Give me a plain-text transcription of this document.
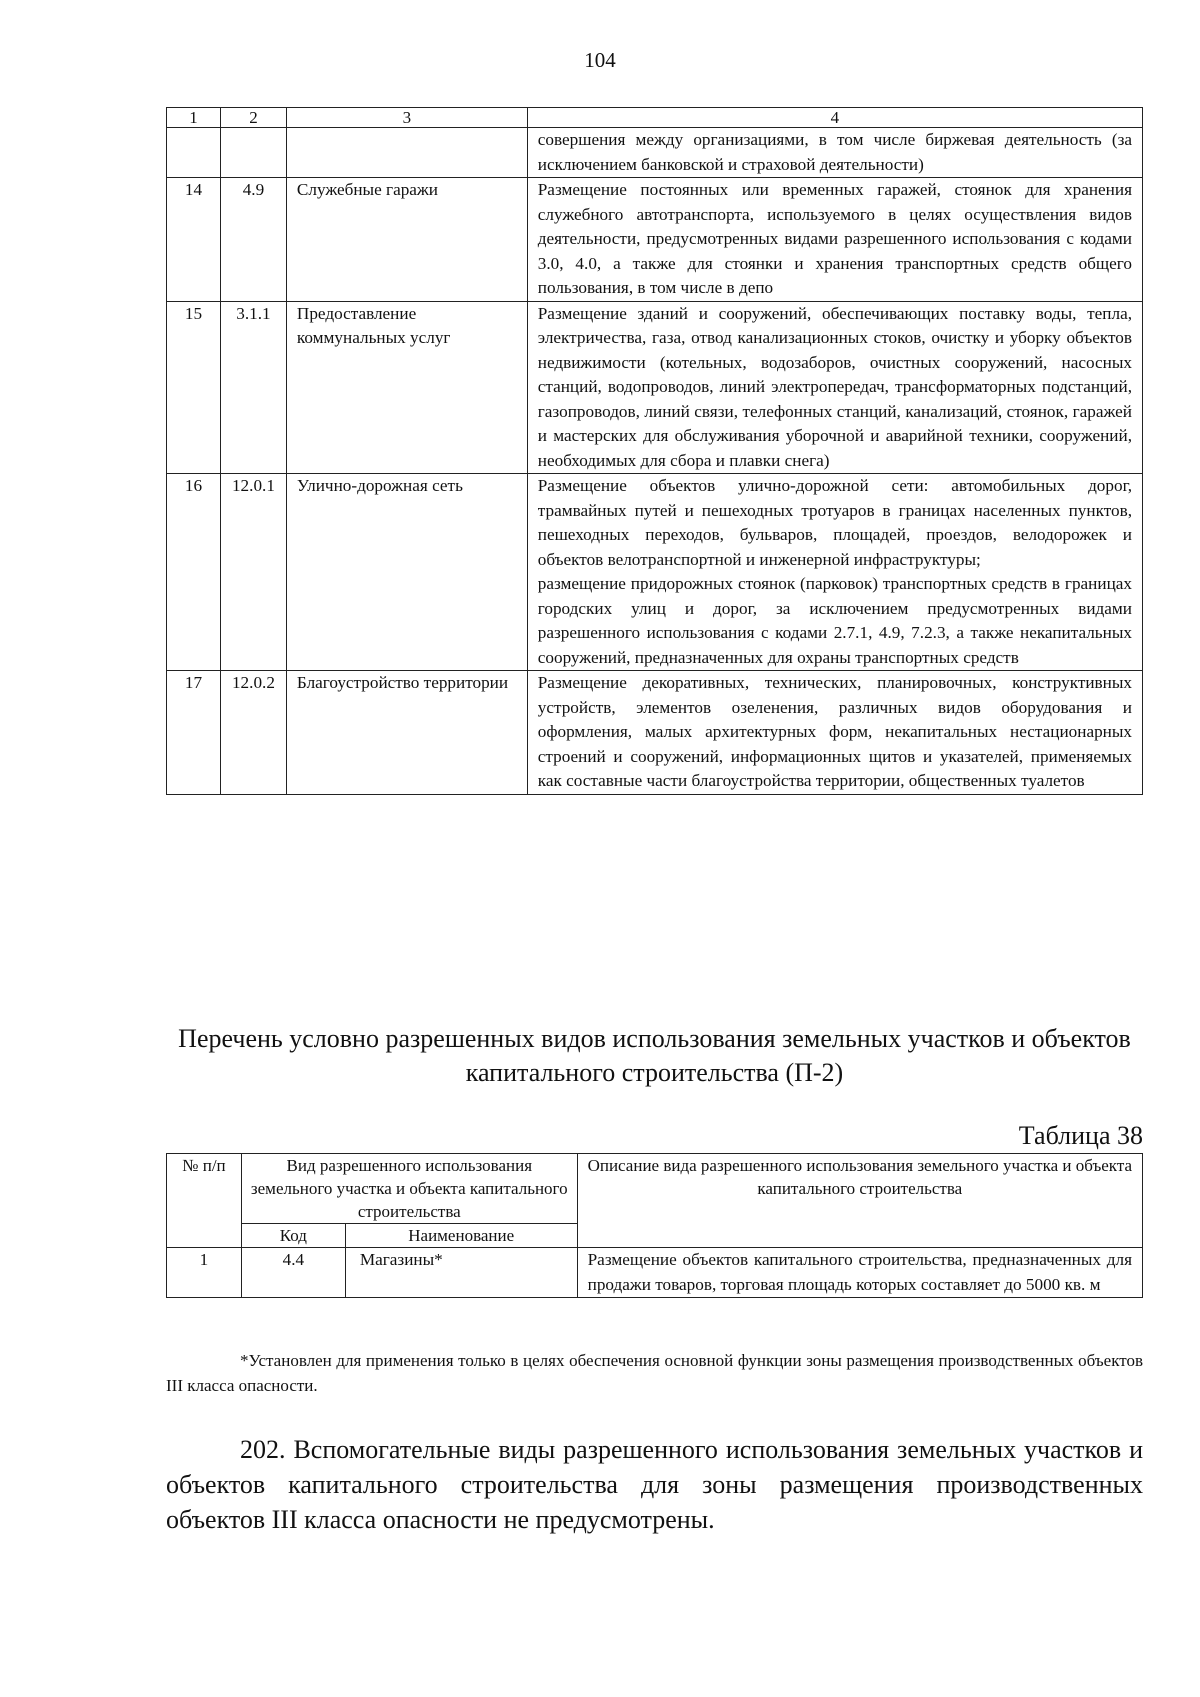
104
1	2	3	4

			совершения между организациями, в том числе биржевая деятельность (за исключением банковской и страховой деятельности)

14	4.9	Служебные гаражи	Размещение постоянных или временных гаражей, стоянок для хранения служебного автотранспорта, используемого в целях осуществления видов деятельности, предусмотренных видами разрешенного использования с кодами 3.0, 4.0, а также для стоянки и хранения транспортных средств общего пользования, в том числе в депо

15	3.1.1	Предоставление коммунальных услуг	Размещение зданий и сооружений, обеспечивающих поставку воды, тепла, электричества, газа, отвод канализационных стоков, очистку и уборку объектов недвижимости (котельных, водозаборов, очистных сооружений, насосных станций, водопроводов, линий электропередач, трансформаторных подстанций, газопроводов, линий связи, телефонных станций, канализаций, стоянок, гаражей и мастерских для обслуживания уборочной и аварийной техники, сооружений, необходимых для сбора и плавки снега)

16	12.0.1	Улично-дорожная сеть	Размещение объектов улично-дорожной сети: автомобильных дорог, трамвайных путей и пешеходных тротуаров в границах населенных пунктов, пешеходных переходов, бульваров, площадей, проездов, велодорожек и объектов велотранспортной и инженерной инфраструктуры;

размещение придорожных стоянок (парковок) транспортных средств в границах городских улиц и дорог, за исключением предусмотренных видами разрешенного использования с кодами 2.7.1, 4.9, 7.2.3, а также некапитальных сооружений, предназначенных для охраны транспортных средств

17	12.0.2	Благоустройство территории	Размещение декоративных, технических, планировочных, конструктивных устройств, элементов озеленения, различных видов оборудования и оформления, малых архитектурных форм, некапитальных нестационарных строений и сооружений, информационных щитов и указателей, применяемых как составные части благоустройства территории, общественных туалетов

Перечень условно разрешенных видов использования земельных участков и объектов капитального строительства (П-2)
Таблица 38
№ п/п	Вид разрешенного использования земельного участка и объекта капитального строительства		Описание вида разрешенного использования земельного участка и объекта капитального строительства
	Код	Наименование	
1	4.4	Магазины*	Размещение объектов капитального строительства, предназначенных для продажи товаров, торговая площадь которых составляет до 5000 кв. м
*Установлен для применения только в целях обеспечения основной функции зоны размещения производственных объектов III класса опасности.
202. Вспомогательные виды разрешенного использования земельных участков и объектов капитального строительства для зоны размещения производственных объектов III класса опасности не предусмотрены.
